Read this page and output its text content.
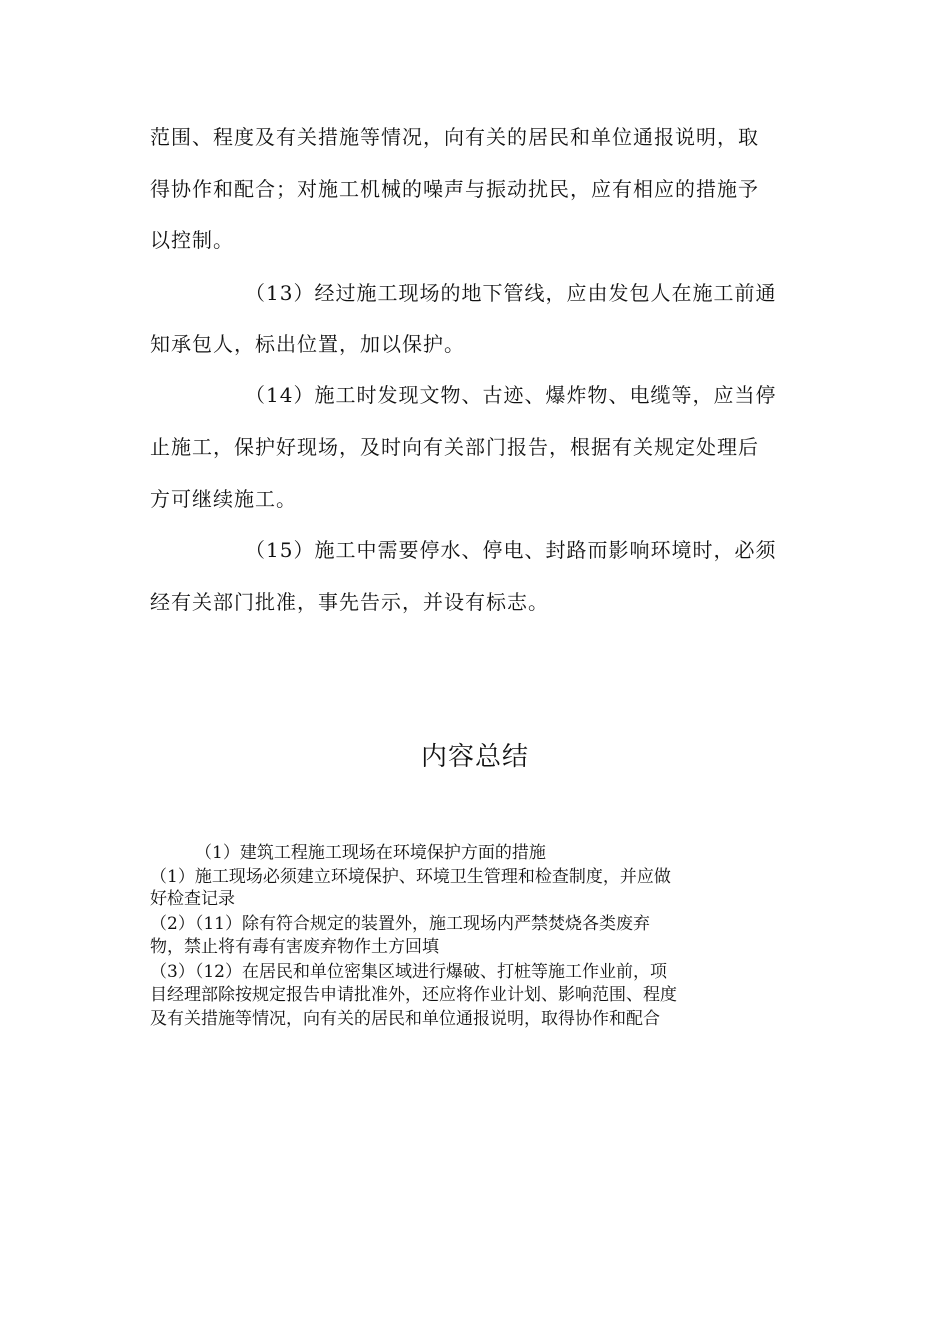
范围、程度及有关措施等情况，向有关的居民和单位通报说明，取
得协作和配合；对施工机械的噪声与振动扰民，应有相应的措施予
以控制。
（13）经过施工现场的地下管线，应由发包人在施工前通
知承包人，标出位置，加以保护。
（14）施工时发现文物、古迹、爆炸物、电缆等，应当停
止施工，保护好现场，及时向有关部门报告，根据有关规定处理后
方可继续施工。
（15）施工中需要停水、停电、封路而影响环境时，必须
经有关部门批准，事先告示，并设有标志。
内容总结
（1）建筑工程施工现场在环境保护方面的措施
（1）施工现场必须建立环境保护、环境卫生管理和检查制度，并应做
好检查记录
（2）（11）除有符合规定的装置外，施工现场内严禁焚烧各类废弃
物，禁止将有毒有害废弃物作土方回填
（3）（12）在居民和单位密集区域进行爆破、打桩等施工作业前，项
目经理部除按规定报告申请批准外，还应将作业计划、影响范围、程度
及有关措施等情况，向有关的居民和单位通报说明，取得协作和配合
